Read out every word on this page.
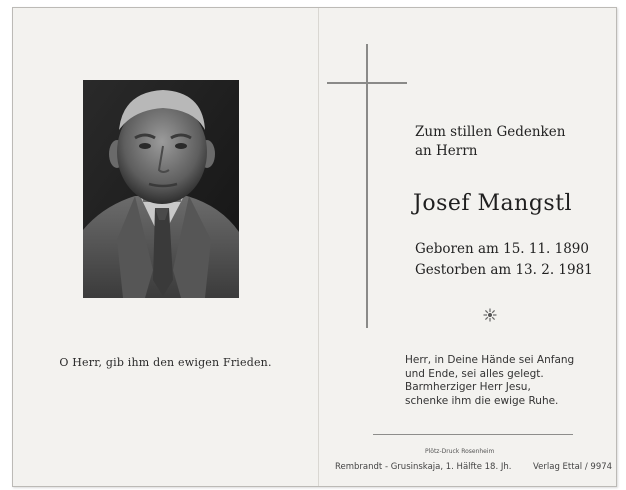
O Herr, gib ihm den ewigen Frieden.
Zum stillen Gedenken
an Herrn
Josef Mangstl
Geboren am 15. 11. 1890
Gestorben am 13. 2. 1981
Herr, in Deine Hände sei Anfang
und Ende, sei alles gelegt.
Barmherziger Herr Jesu,
schenke ihm die ewige Ruhe.
Plötz-Druck Rosenheim
Rembrandt - Grusinskaja, 1. Hälfte 18. Jh.	Verlag Ettal / 9974
